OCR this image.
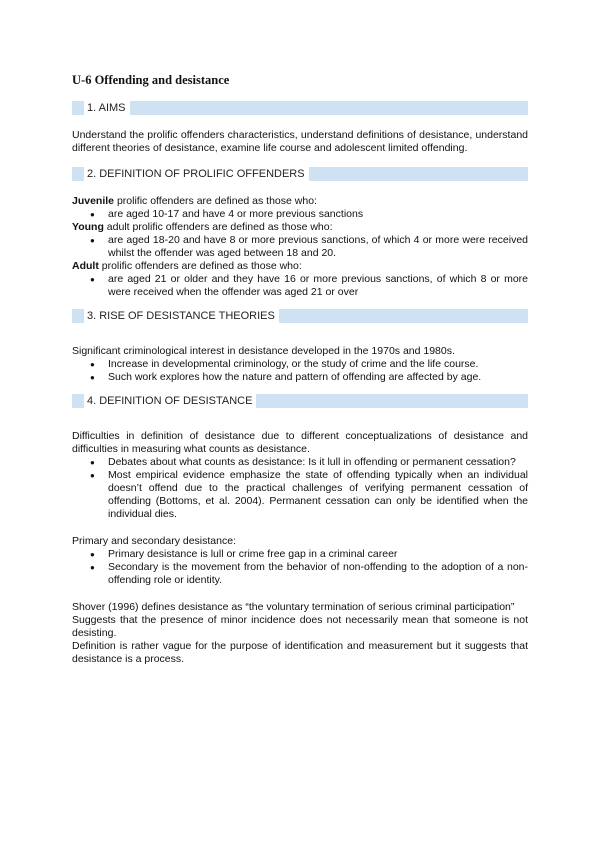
U-6 Offending and desistance
1. AIMS

Understand the prolific offenders characteristics, understand definitions of desistance, understand different theories of desistance, examine life course and adolescent limited offending.

2. DEFINITION OF PROLIFIC OFFENDERS

Juvenile prolific offenders are defined as those who:

● are aged 10-17 and have 4 or more previous sanctions

Young adult prolific offenders are defined as those who:

● are aged 18-20 and have 8 or more previous sanctions, of which 4 or more were received whilst the offender was aged between 18 and 20.

Adult prolific offenders are defined as those who:

● are aged 21 or older and they have 16 or more previous sanctions, of which 8 or more were received when the offender was aged 21 or over
3. RISE OF DESISTANCE THEORIES

Significant criminological interest in desistance developed in the 1970s and 1980s.

● Increase in developmental criminology, or the study of crime and the life course.
● Such work explores how the nature and pattern of offending are affected by age.
4. DEFINITION OF DESISTANCE

Difficulties in definition of desistance due to different conceptualizations of desistance and difficulties in measuring what counts as desistance.

● Debates about what counts as desistance: Is it lull in offending or permanent cessation?
● Most empirical evidence emphasize the state of offending typically when an individual doesn’t offend due to the practical challenges of verifying permanent cessation of offending (Bottoms, et al. 2004). Permanent cessation can only be identified when the individual dies.

Primary and secondary desistance:

● Primary desistance is lull or crime free gap in a criminal career
● Secondary is the movement from the behavior of non-offending to the adoption of a non-offending role or identity.

Shover (1996) defines desistance as “the voluntary termination of serious criminal participation”

Suggests that the presence of minor incidence does not necessarily mean that someone is not desisting.

Definition is rather vague for the purpose of identification and measurement but it suggests that desistance is a process.
